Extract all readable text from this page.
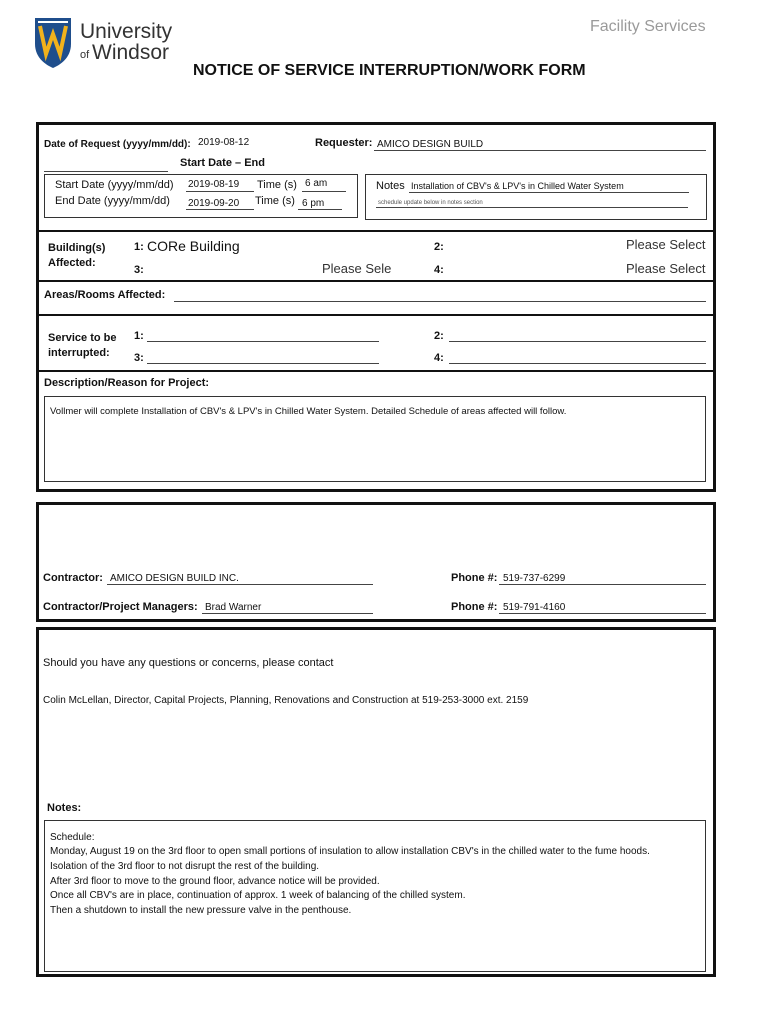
University
of Windsor
Facility Services
NOTICE OF SERVICE INTERRUPTION/WORK FORM
Date of Request (yyyy/mm/dd): 2019-08-12	Requester: AMICO DESIGN BUILD
Start Date – End
Start Date (yyyy/mm/dd) 2019-08-19 Time (s) 6 am
End Date (yyyy/mm/dd) 2019-09-20 Time (s) 6 pm
Notes Installation of CBV's & LPV's in Chilled Water System
schedule update below in notes section
Building(s)
Affected:
1: CORe Building	2:	Please Select
3:	Please Sele	4:	Please Select
Areas/Rooms Affected:
Service to be
interrupted:
1:	2:
3:	4:
Description/Reason for Project:
Vollmer will complete Installation of CBV's & LPV's in Chilled Water System. Detailed Schedule of areas affected will follow.
Contractor: AMICO DESIGN BUILD INC.	Phone #: 519-737-6299
Contractor/Project Managers: Brad Warner	Phone #: 519-791-4160
Should you have any questions or concerns, please contact
Colin McLellan, Director, Capital Projects, Planning, Renovations and Construction at 519-253-3000 ext. 2159
Notes:
Schedule:
Monday, August 19 on the 3rd floor to open small portions of insulation to allow installation CBV's in the chilled water to the fume hoods.
Isolation of the 3rd floor to not disrupt the rest of the building.
After 3rd floor to move to the ground floor, advance notice will be provided.
Once all CBV's are in place, continuation of approx. 1 week of balancing of the chilled system.
Then a shutdown to install the new pressure valve in the penthouse.
